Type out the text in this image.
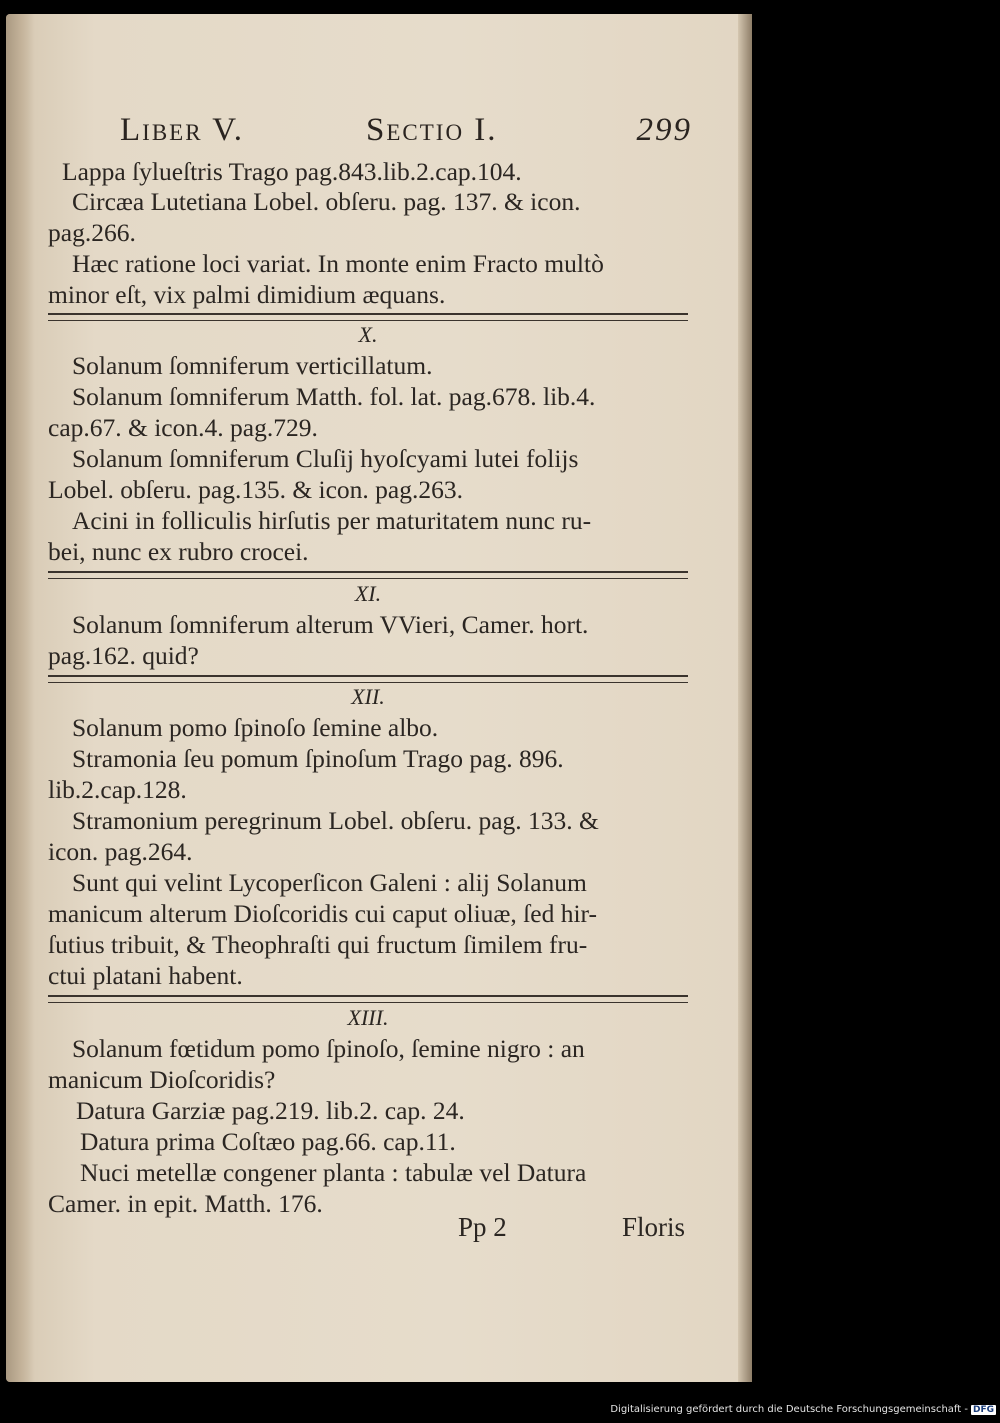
Liber V.	Sectio I.	299
Lappa ſylueſtris Trago pag.843.lib.2.cap.104.
Circæa Lutetiana Lobel. obſeru. pag. 137. & icon.
pag.266.
Hæc ratione loci variat. In monte enim Fracto multò
minor eſt, vix palmi dimidium æquans.
X.
Solanum ſomniferum verticillatum.
Solanum ſomniferum Matth. fol. lat. pag.678. lib.4.
cap.67. & icon.4. pag.729.
Solanum ſomniferum Cluſij hyoſcyami lutei folijs
Lobel. obſeru. pag.135. & icon. pag.263.
Acini in folliculis hirſutis per maturitatem nunc ru-
bei, nunc ex rubro crocei.
XI.
Solanum ſomniferum alterum VVieri, Camer. hort.
pag.162. quid?
XII.
Solanum pomo ſpinoſo ſemine albo.
Stramonia ſeu pomum ſpinoſum Trago pag. 896.
lib.2.cap.128.
Stramonium peregrinum Lobel. obſeru. pag. 133. &
icon. pag.264.
Sunt qui velint Lycoperſicon Galeni : alij Solanum
manicum alterum Dioſcoridis cui caput oliuæ, ſed hir-
ſutius tribuit, & Theophraſti qui fructum ſimilem fru-
ctui platani habent.
XIII.
Solanum fœtidum pomo ſpinoſo, ſemine nigro : an
manicum Dioſcoridis?
Datura Garziæ pag.219. lib.2. cap. 24.
Datura prima Coſtæo pag.66. cap.11.
Nuci metellæ congener planta : tabulæ vel Datura
Camer. in epit. Matth. 176.
Pp 2	Floris
Digitalisierung gefördert durch die Deutsche Forschungsgemeinschaft - DFG
